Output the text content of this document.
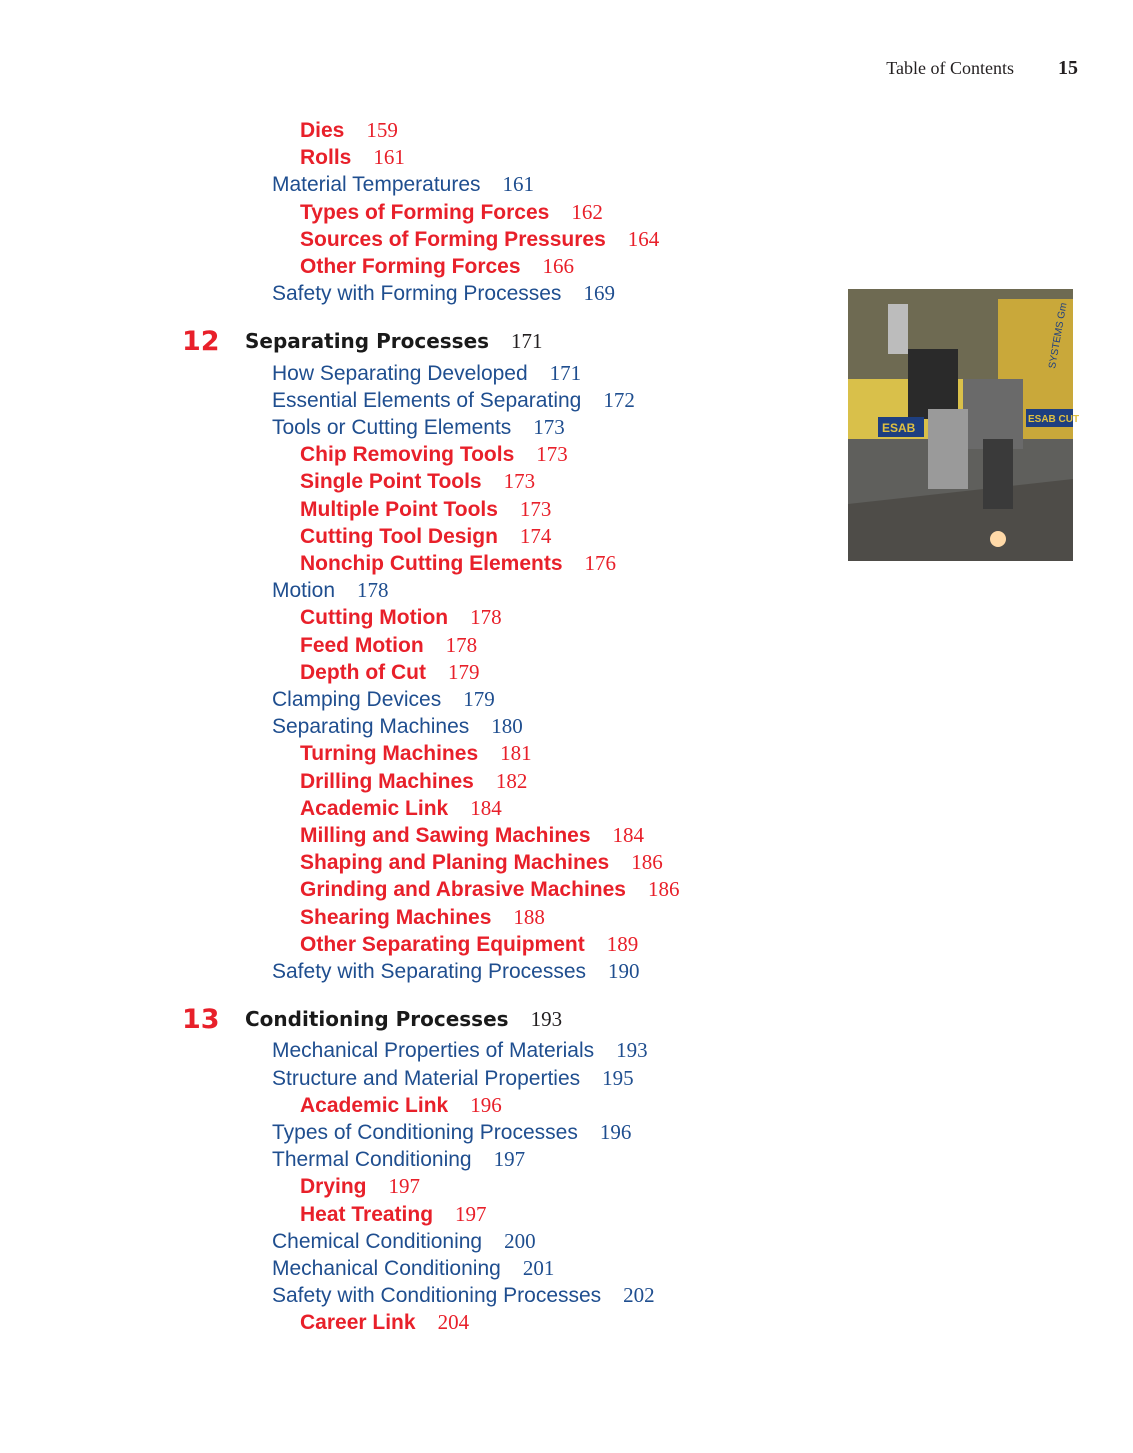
Table of Contents 15
Dies 159
Rolls 161
Material Temperatures 161
Types of Forming Forces 162
Sources of Forming Pressures 164
Other Forming Forces 166
Safety with Forming Processes 169
12 Separating Processes 171
How Separating Developed 171
Essential Elements of Separating 172
Tools or Cutting Elements 173
Chip Removing Tools 173
Single Point Tools 173
Multiple Point Tools 173
Cutting Tool Design 174
Nonchip Cutting Elements 176
Motion 178
Cutting Motion 178
Feed Motion 178
Depth of Cut 179
Clamping Devices 179
Separating Machines 180
Turning Machines 181
Drilling Machines 182
Academic Link 184
Milling and Sawing Machines 184
Shaping and Planing Machines 186
Grinding and Abrasive Machines 186
Shearing Machines 188
Other Separating Equipment 189
Safety with Separating Processes 190
13 Conditioning Processes 193
Mechanical Properties of Materials 193
Structure and Material Properties 195
Academic Link 196
Types of Conditioning Processes 196
Thermal Conditioning 197
Drying 197
Heat Treating 197
Chemical Conditioning 200
Mechanical Conditioning 201
Safety with Conditioning Processes 202
Career Link 204
ESAB
ESAB CUT
SYSTEMS Gm
